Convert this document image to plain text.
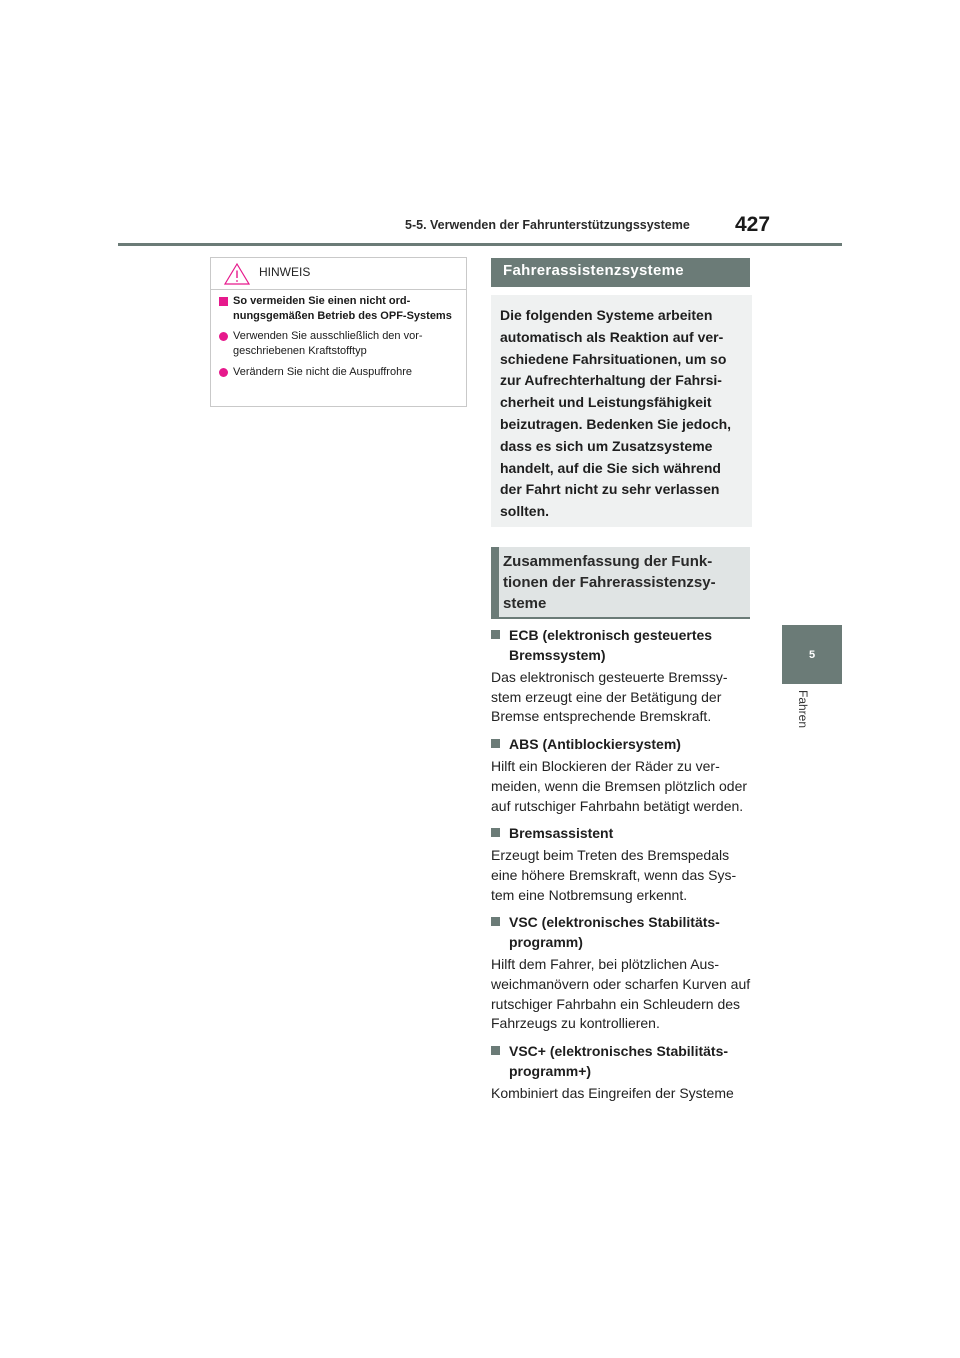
5-5. Verwenden der Fahrunterstützungssysteme	427
5
Fahren
HINWEIS
So vermeiden Sie einen nicht ord-nungsgemäßen Betrieb des OPF-Systems
Verwenden Sie ausschließlich den vor-geschriebenen Kraftstofftyp
Verändern Sie nicht die Auspuffrohre
Fahrerassistenzsysteme
Die folgenden Systeme arbeiten automatisch als Reaktion auf ver-schiedene Fahrsituationen, um so zur Aufrechterhaltung der Fahrsi-cherheit und Leistungsfähigkeit beizutragen. Bedenken Sie jedoch, dass es sich um Zusatzsysteme handelt, auf die Sie sich während der Fahrt nicht zu sehr verlassen sollten.
Zusammenfassung der Funk-tionen der Fahrerassistenzsy-steme
ECB (elektronisch gesteuertes Bremssystem)
Das elektronisch gesteuerte Bremssy-stem erzeugt eine der Betätigung der Bremse entsprechende Bremskraft.
ABS (Antiblockiersystem)
Hilft ein Blockieren der Räder zu ver-meiden, wenn die Bremsen plötzlich oder auf rutschiger Fahrbahn betätigt werden.
Bremsassistent
Erzeugt beim Treten des Bremspedals eine höhere Bremskraft, wenn das Sys-tem eine Notbremsung erkennt.
VSC (elektronisches Stabilitäts-programm)
Hilft dem Fahrer, bei plötzlichen Aus-weichmanövern oder scharfen Kurven auf rutschiger Fahrbahn ein Schleudern des Fahrzeugs zu kontrollieren.
VSC+ (elektronisches Stabilitäts-programm+)
Kombiniert das Eingreifen der Systeme
